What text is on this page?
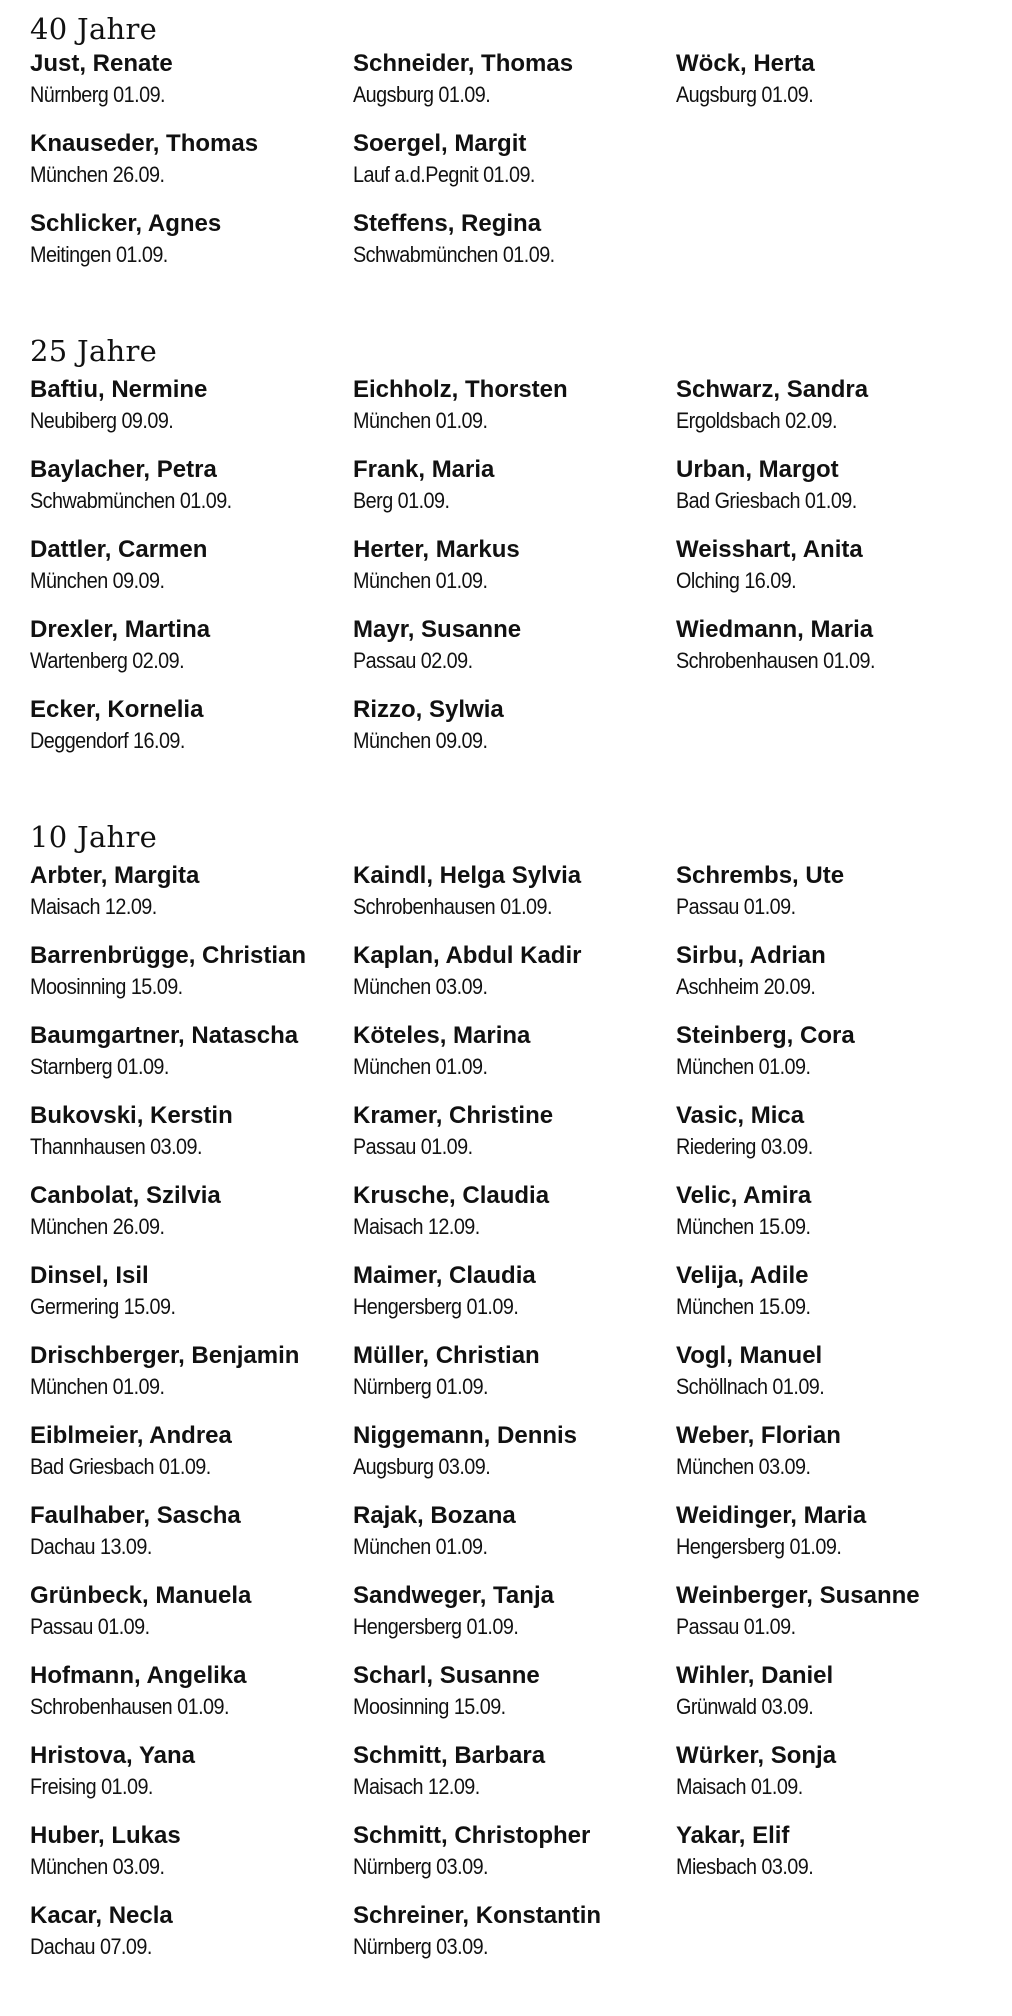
40 Jahre
Just, Renate
Nürnberg 01.09.
Knauseder, Thomas
München 26.09.
Schlicker, Agnes
Meitingen 01.09.
Schneider, Thomas
Augsburg 01.09.
Soergel, Margit
Lauf a.d.Pegnit 01.09.
Steffens, Regina
Schwabmünchen 01.09.
Wöck, Herta
Augsburg 01.09.
25 Jahre
Baftiu, Nermine
Neubiberg 09.09.
Baylacher, Petra
Schwabmünchen 01.09.
Dattler, Carmen
München 09.09.
Drexler, Martina
Wartenberg 02.09.
Ecker, Kornelia
Deggendorf 16.09.
Eichholz, Thorsten
München 01.09.
Frank, Maria
Berg 01.09.
Herter, Markus
München 01.09.
Mayr, Susanne
Passau 02.09.
Rizzo, Sylwia
München 09.09.
Schwarz, Sandra
Ergoldsbach 02.09.
Urban, Margot
Bad Griesbach 01.09.
Weisshart, Anita
Olching 16.09.
Wiedmann, Maria
Schrobenhausen 01.09.
10 Jahre
Arbter, Margita
Maisach 12.09.
Barrenbrügge, Christian
Moosinning 15.09.
Baumgartner, Natascha
Starnberg 01.09.
Bukovski, Kerstin
Thannhausen 03.09.
Canbolat, Szilvia
München 26.09.
Dinsel, Isil
Germering 15.09.
Drischberger, Benjamin
München 01.09.
Eiblmeier, Andrea
Bad Griesbach 01.09.
Faulhaber, Sascha
Dachau 13.09.
Grünbeck, Manuela
Passau 01.09.
Hofmann, Angelika
Schrobenhausen 01.09.
Hristova, Yana
Freising 01.09.
Huber, Lukas
München 03.09.
Kacar, Necla
Dachau 07.09.
Kaindl, Helga Sylvia
Schrobenhausen 01.09.
Kaplan, Abdul Kadir
München 03.09.
Köteles, Marina
München 01.09.
Kramer, Christine
Passau 01.09.
Krusche, Claudia
Maisach 12.09.
Maimer, Claudia
Hengersberg 01.09.
Müller, Christian
Nürnberg 01.09.
Niggemann, Dennis
Augsburg 03.09.
Rajak, Bozana
München 01.09.
Sandweger, Tanja
Hengersberg 01.09.
Scharl, Susanne
Moosinning 15.09.
Schmitt, Barbara
Maisach 12.09.
Schmitt, Christopher
Nürnberg 03.09.
Schreiner, Konstantin
Nürnberg 03.09.
Schrembs, Ute
Passau 01.09.
Sirbu, Adrian
Aschheim 20.09.
Steinberg, Cora
München 01.09.
Vasic, Mica
Riedering 03.09.
Velic, Amira
München 15.09.
Velija, Adile
München 15.09.
Vogl, Manuel
Schöllnach 01.09.
Weber, Florian
München 03.09.
Weidinger, Maria
Hengersberg 01.09.
Weinberger, Susanne
Passau 01.09.
Wihler, Daniel
Grünwald 03.09.
Würker, Sonja
Maisach 01.09.
Yakar, Elif
Miesbach 03.09.
